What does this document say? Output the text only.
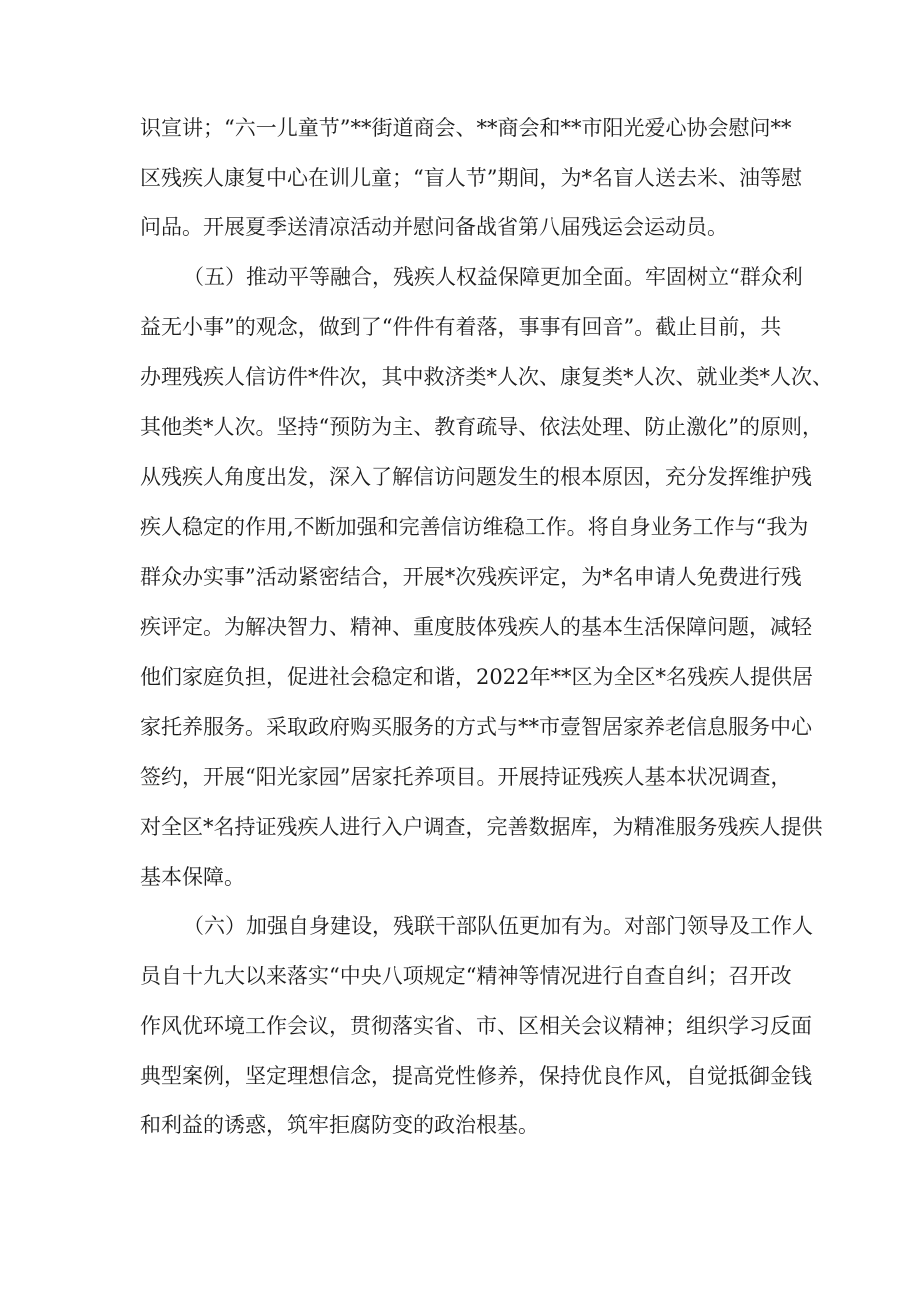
识宣讲；“六一儿童节”**街道商会、**商会和**市阳光爱心协会慰问**

区残疾人康复中心在训儿童；“盲人节”期间，为*名盲人送去米、油等慰

问品。开展夏季送清凉活动并慰问备战省第八届残运会运动员。

（五）推动平等融合，残疾人权益保障更加全面。牢固树立“群众利

益无小事”的观念，做到了“件件有着落，事事有回音”。截止目前，共

办理残疾人信访件*件次，其中救济类*人次、康复类*人次、就业类*人次、

其他类*人次。坚持“预防为主、教育疏导、依法处理、防止激化”的原则，

从残疾人角度出发，深入了解信访问题发生的根本原因，充分发挥维护残

疾人稳定的作用,不断加强和完善信访维稳工作。将自身业务工作与“我为

群众办实事”活动紧密结合，开展*次残疾评定，为*名申请人免费进行残

疾评定。为解决智力、精神、重度肢体残疾人的基本生活保障问题，减轻

他们家庭负担，促进社会稳定和谐，2022年**区为全区*名残疾人提供居

家托养服务。采取政府购买服务的方式与**市壹智居家养老信息服务中心

签约，开展“阳光家园”居家托养项目。开展持证残疾人基本状况调查，

对全区*名持证残疾人进行入户调查，完善数据库，为精准服务残疾人提供

基本保障。

（六）加强自身建设，残联干部队伍更加有为。对部门领导及工作人

员自十九大以来落实“中央八项规定“精神等情况进行自查自纠；召开改

作风优环境工作会议，贯彻落实省、市、区相关会议精神；组织学习反面

典型案例，坚定理想信念，提高党性修养，保持优良作风，自觉抵御金钱

和利益的诱惑，筑牢拒腐防变的政治根基。
